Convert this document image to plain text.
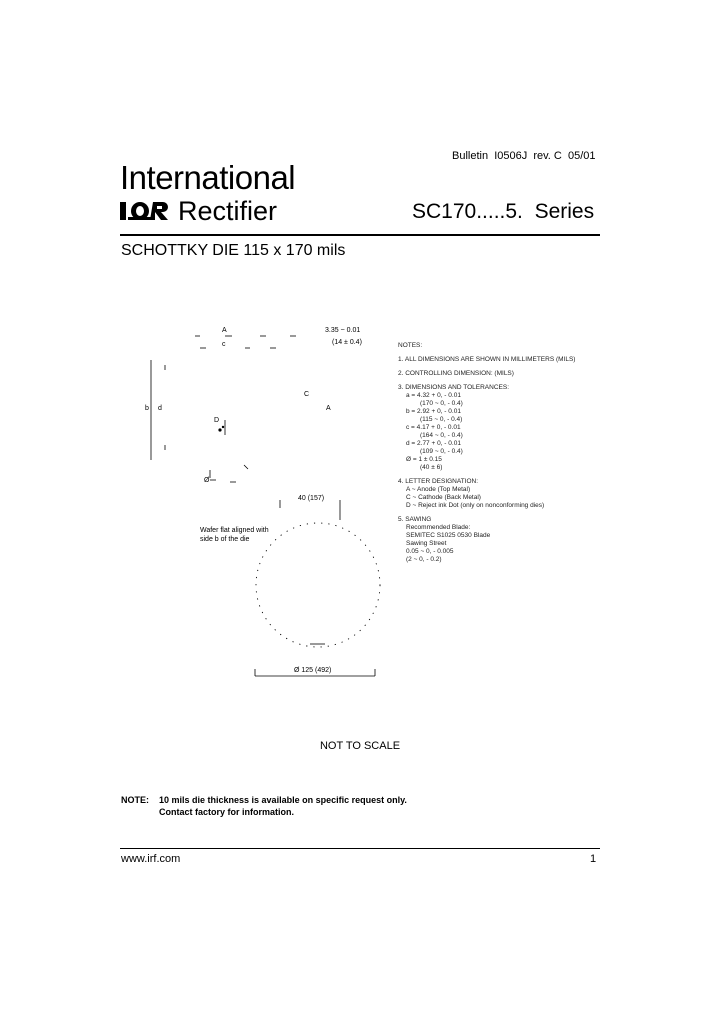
Bulletin  I0506J  rev. C  05/01
International
Rectifier	SC170.....5.  Series
SCHOTTKY DIE 115 x 170 mils
A
c
3.35 ~ 0.01
(14 ± 0.4)
b d
C
A
D
Ø
40 (157)
Wafer flat aligned with
side b of the die
Ø 125 (492)
NOTES:
1. ALL DIMENSIONS ARE SHOWN IN MILLIMETERS (MILS)
2. CONTROLLING DIMENSION: (MILS)
3. DIMENSIONS AND TOLERANCES:
a = 4.32 + 0, - 0.01
(170 ~ 0, - 0.4)
b = 2.92 + 0, - 0.01
(115 ~ 0, - 0.4)
c = 4.17 + 0, - 0.01
(164 ~ 0, - 0.4)
d = 2.77 + 0, - 0.01
(109 ~ 0, - 0.4)
Ø = 1 ± 0.15
(40 ± 6)
4. LETTER DESIGNATION:
A ~ Anode (Top Metal)
C ~ Cathode (Back Metal)
D ~ Reject ink Dot (only on nonconforming dies)
5. SAWING
Recommended Blade:
SEMITEC S1025 0530 Blade
Sawing Street
0.05 ~ 0, - 0.005
(2 ~ 0, - 0.2)
NOT TO SCALE
NOTE: 10 mils die thickness is available on specific request only.
Contact factory for information.
www.irf.com	1
